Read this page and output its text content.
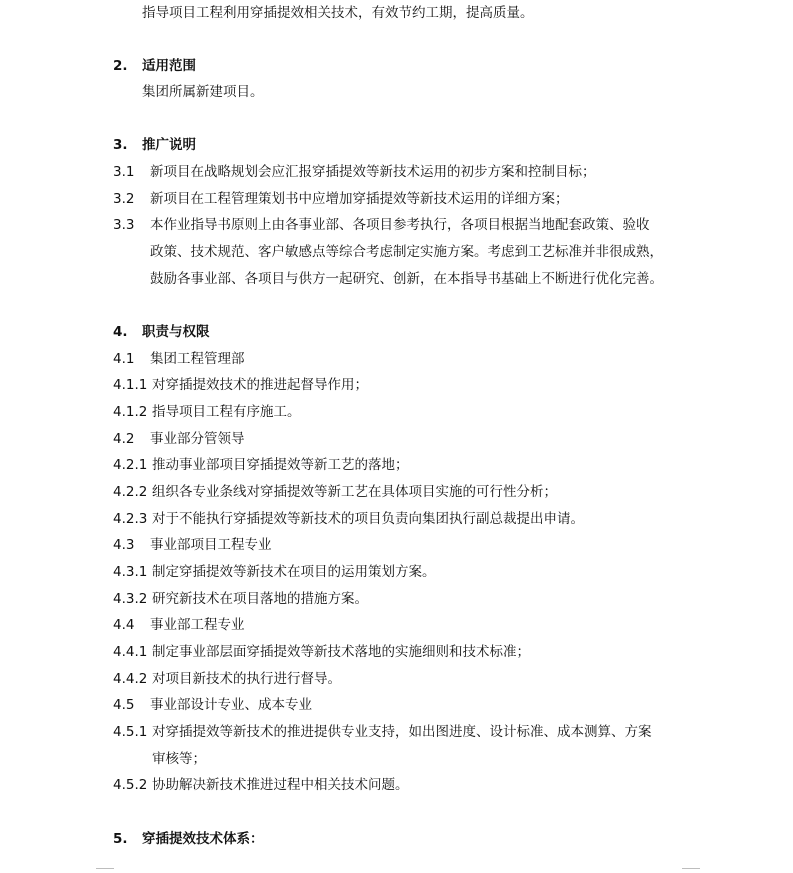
指导项目工程利用穿插提效相关技术，有效节约工期，提高质量。
2. 适用范围
集团所属新建项目。
3. 推广说明
3.1 新项目在战略规划会应汇报穿插提效等新技术运用的初步方案和控制目标；
3.2 新项目在工程管理策划书中应增加穿插提效等新技术运用的详细方案；
3.3 本作业指导书原则上由各事业部、各项目参考执行，各项目根据当地配套政策、验收
政策、技术规范、客户敏感点等综合考虑制定实施方案。考虑到工艺标准并非很成熟，
鼓励各事业部、各项目与供方一起研究、创新，在本指导书基础上不断进行优化完善。
4. 职责与权限
4.1 集团工程管理部
4.1.1 对穿插提效技术的推进起督导作用；
4.1.2 指导项目工程有序施工。
4.2 事业部分管领导
4.2.1 推动事业部项目穿插提效等新工艺的落地；
4.2.2 组织各专业条线对穿插提效等新工艺在具体项目实施的可行性分析；
4.2.3 对于不能执行穿插提效等新技术的项目负责向集团执行副总裁提出申请。
4.3 事业部项目工程专业
4.3.1 制定穿插提效等新技术在项目的运用策划方案。
4.3.2 研究新技术在项目落地的措施方案。
4.4 事业部工程专业
4.4.1 制定事业部层面穿插提效等新技术落地的实施细则和技术标准；
4.4.2 对项目新技术的执行进行督导。
4.5 事业部设计专业、成本专业
4.5.1 对穿插提效等新技术的推进提供专业支持，如出图进度、设计标准、成本测算、方案
审核等；
4.5.2 协助解决新技术推进过程中相关技术问题。
5. 穿插提效技术体系：
